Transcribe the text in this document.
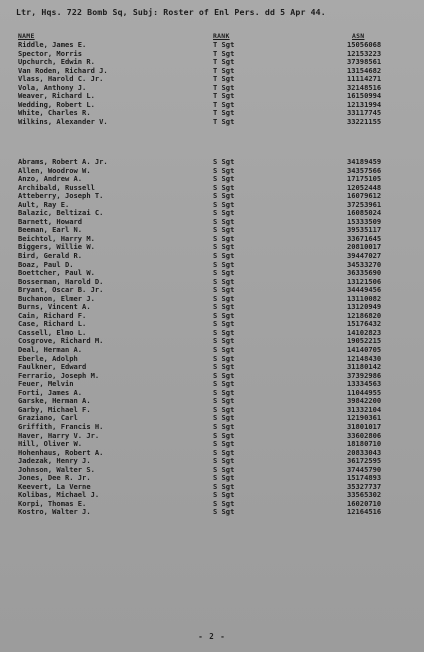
Ltr, Hqs. 722 Bomb Sq, Subj: Roster of Enl Pers. dd 5 Apr 44.
NAME	RANK	ASN
Riddle, James E.	T Sgt	15056068
Spector, Morris	T Sgt	12153223
Upchurch, Edwin R.	T Sgt	37398561
Van Roden, Richard J.	T Sgt	13154682
Vlass, Harold C. Jr.	T Sgt	11114271
Vola, Anthony J.	T Sgt	32148516
Weaver, Richard L.	T Sgt	16150994
Wedding, Robert L.	T Sgt	12131994
White, Charles R.	T Sgt	33117745
Wilkins, Alexander V.	T Sgt	33221155
Abrams, Robert A. Jr.	S Sgt	34189459
Allen, Woodrow W.	S Sgt	34357566
Anzo, Andrew A.	S Sgt	17175105
Archibald, Russell	S Sgt	12052448
Atteberry, Joseph T.	S Sgt	16079612
Ault, Ray E.	S Sgt	37253961
Balazic, Beltizai C.	S Sgt	16085024
Barnett, Howard	S Sgt	15333509
Beeman, Earl N.	S Sgt	39535117
Beichtol, Harry M.	S Sgt	33671645
Biggers, Willie W.	S Sgt	20810017
Bird, Gerald R.	S Sgt	39447027
Boaz, Paul D.	S Sgt	34533270
Boettcher, Paul W.	S Sgt	36335690
Bosserman, Harold D.	S Sgt	13121506
Bryant, Oscar B. Jr.	S Sgt	34449456
Buchanon, Elmer J.	S Sgt	13110082
Burns, Vincent A.	S Sgt	13120949
Cain, Richard F.	S Sgt	12186820
Case, Richard L.	S Sgt	15176432
Cassell, Elmo L.	S Sgt	14102823
Cosgrove, Richard M.	S Sgt	19052215
Deal, Herman A.	S Sgt	14140705
Eberle, Adolph	S Sgt	12148430
Faulkner, Edward	S Sgt	31180142
Ferrario, Joseph M.	S Sgt	37392986
Feuer, Melvin	S Sgt	13334563
Forti, James A.	S Sgt	11044955
Garske, Herman A.	S Sgt	39842200
Garby, Michael F.	S Sgt	31332104
Graziano, Carl	S Sgt	12190361
Griffith, Francis H.	S Sgt	31801017
Haver, Harry V. Jr.	S Sgt	33602806
Hill, Oliver W.	S Sgt	18180710
Hohenhaus, Robert A.	S Sgt	20833043
Jadezak, Henry J.	S Sgt	36172595
Johnson, Walter S.	S Sgt	37445790
Jones, Dee R. Jr.	S Sgt	15174893
Keevert, La Verne	S Sgt	35327737
Kolibas, Michael J.	S Sgt	33565302
Korpi, Thomas E.	S Sgt	16020710
Kostro, Walter J.	S Sgt	12164516
- 2 -
